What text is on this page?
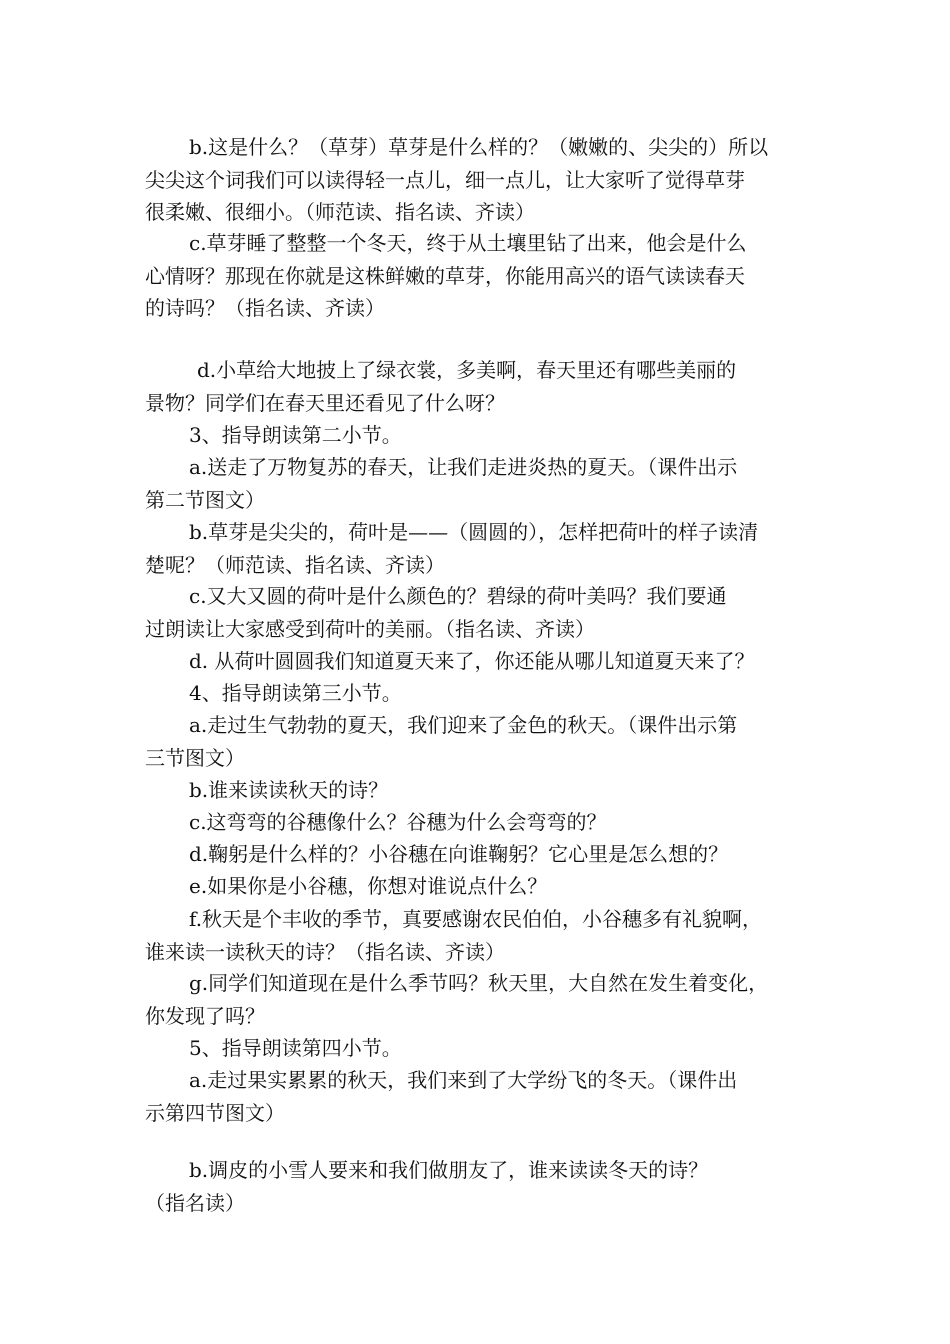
b.这是什么？（草芽）草芽是什么样的？（嫩嫩的、尖尖的）所以
尖尖这个词我们可以读得轻一点儿，细一点儿，让大家听了觉得草芽
很柔嫩、很细小。（师范读、指名读、齐读）
c.草芽睡了整整一个冬天，终于从土壤里钻了出来，他会是什么
心情呀？那现在你就是这株鲜嫩的草芽，你能用高兴的语气读读春天
的诗吗？（指名读、齐读）
d.小草给大地披上了绿衣裳，多美啊，春天里还有哪些美丽的
景物？同学们在春天里还看见了什么呀？
3、指导朗读第二小节。
a.送走了万物复苏的春天，让我们走进炎热的夏天。（课件出示
第二节图文）
b.草芽是尖尖的，荷叶是——（圆圆的），怎样把荷叶的样子读清
楚呢？（师范读、指名读、齐读）
c.又大又圆的荷叶是什么颜色的？碧绿的荷叶美吗？我们要通
过朗读让大家感受到荷叶的美丽。（指名读、齐读）
d. 从荷叶圆圆我们知道夏天来了，你还能从哪儿知道夏天来了？
4、指导朗读第三小节。
a.走过生气勃勃的夏天，我们迎来了金色的秋天。（课件出示第
三节图文）
b.谁来读读秋天的诗？
c.这弯弯的谷穗像什么？谷穗为什么会弯弯的？
d.鞠躬是什么样的？小谷穗在向谁鞠躬？它心里是怎么想的？
e.如果你是小谷穗，你想对谁说点什么？
f.秋天是个丰收的季节，真要感谢农民伯伯，小谷穗多有礼貌啊，
谁来读一读秋天的诗？（指名读、齐读）
g.同学们知道现在是什么季节吗？秋天里，大自然在发生着变化，
你发现了吗？
5、指导朗读第四小节。
a.走过果实累累的秋天，我们来到了大学纷飞的冬天。（课件出
示第四节图文）
b.调皮的小雪人要来和我们做朋友了，谁来读读冬天的诗？
（指名读）
